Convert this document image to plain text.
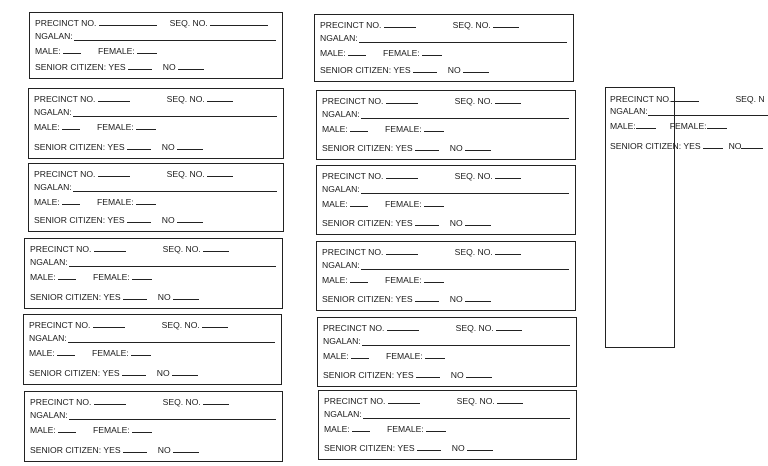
PRECINCT NO.	SEQ. NO.
NGALAN:
MALE:	FEMALE:
SENIOR CITIZEN: YES	NO
PRECINCT NO.	SEQ. NO.
NGALAN:
MALE:	FEMALE:
SENIOR CITIZEN: YES	NO
PRECINCT NO.	SEQ. NO.
NGALAN:
MALE:	FEMALE:
SENIOR CITIZEN: YES	NO
PRECINCT NO.	SEQ. NO.
NGALAN:
MALE:	FEMALE:
SENIOR CITIZEN: YES	NO
PRECINCT NO.	SEQ. NO.
NGALAN:
MALE:	FEMALE:
SENIOR CITIZEN: YES	NO
PRECINCT NO.	SEQ. NO.
NGALAN:
MALE:	FEMALE:
SENIOR CITIZEN: YES	NO
PRECINCT NO.	SEQ. NO.
NGALAN:
MALE:	FEMALE:
SENIOR CITIZEN: YES	NO
PRECINCT NO.	SEQ. NO.
NGALAN:
MALE:	FEMALE:
SENIOR CITIZEN: YES	NO
PRECINCT NO.	SEQ. NO.
NGALAN:
MALE:	FEMALE:
SENIOR CITIZEN: YES	NO
PRECINCT NO.	SEQ. NO.
NGALAN:
MALE:	FEMALE:
SENIOR CITIZEN: YES	NO
PRECINCT NO.	SEQ. NO.
NGALAN:
MALE:	FEMALE:
SENIOR CITIZEN: YES	NO
PRECINCT NO.	SEQ. NO.
NGALAN:
MALE:	FEMALE:
SENIOR CITIZEN: YES	NO
PRECINCT NO.	SEQ. N
NGALAN:
MALE:	FEMALE:
SENIOR CITIZEN: YES	NO
